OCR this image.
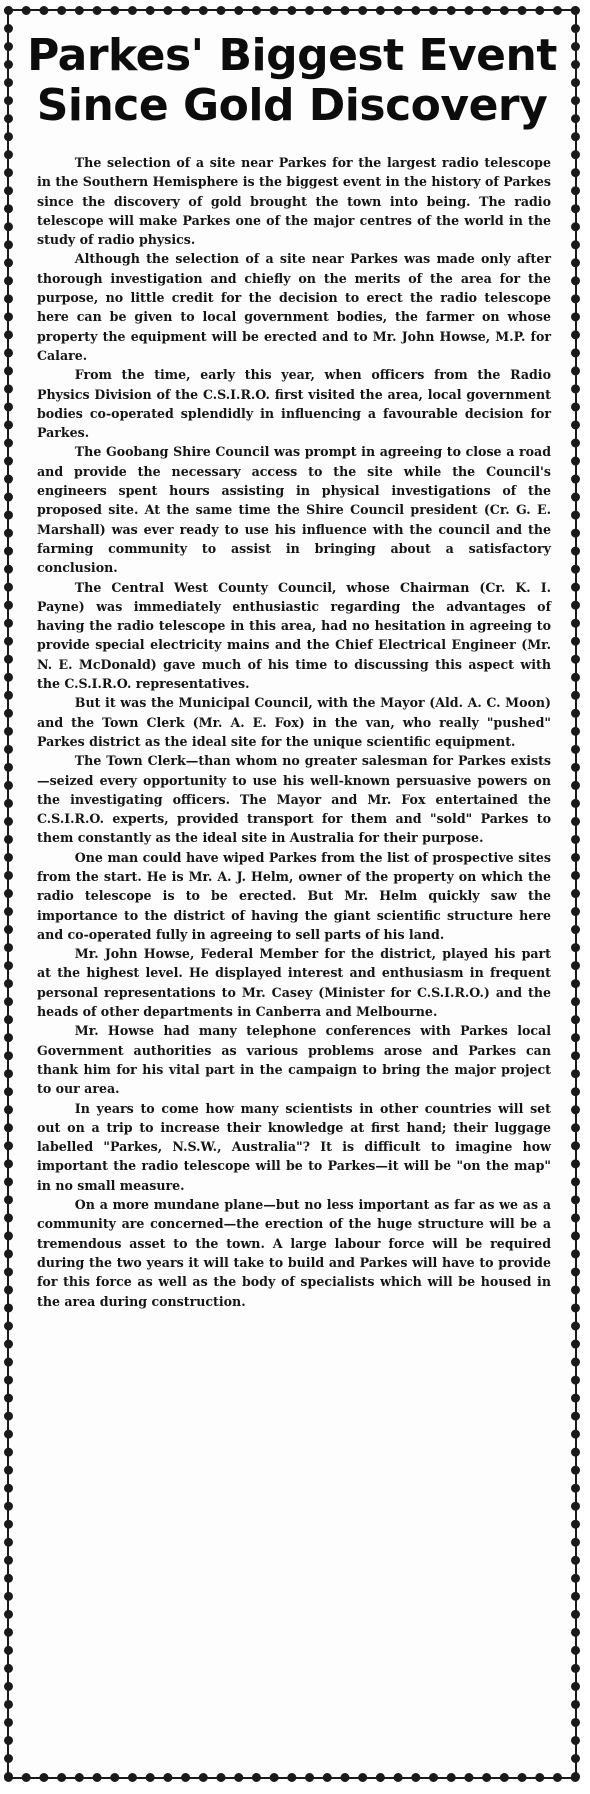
Parkes' Biggest Event
Since Gold Discovery

The selection of a site near Parkes for the largest radio telescope in the Southern Hemisphere is the biggest event in the history of Parkes since the discovery of gold brought the town into being. The radio telescope will make Parkes one of the major centres of the world in the study of radio physics.

Although the selection of a site near Parkes was made only after thorough investigation and chiefly on the merits of the area for the purpose, no little credit for the decision to erect the radio telescope here can be given to local government bodies, the farmer on whose property the equipment will be erected and to Mr. John Howse, M.P. for Calare.

From the time, early this year, when officers from the Radio Physics Division of the C.S.I.R.O. first visited the area, local government bodies co-operated splendidly in influencing a favourable decision for Parkes.

The Goobang Shire Council was prompt in agreeing to close a road and provide the necessary access to the site while the Council's engineers spent hours assisting in physical investigations of the proposed site. At the same time the Shire Council president (Cr. G. E. Marshall) was ever ready to use his influence with the council and the farming community to assist in bringing about a satisfactory conclusion.

The Central West County Council, whose Chairman (Cr. K. I. Payne) was immediately enthusiastic regarding the advantages of having the radio telescope in this area, had no hesitation in agreeing to provide special electricity mains and the Chief Electrical Engineer (Mr. N. E. McDonald) gave much of his time to discussing this aspect with the C.S.I.R.O. representatives.

But it was the Municipal Council, with the Mayor (Ald. A. C. Moon) and the Town Clerk (Mr. A. E. Fox) in the van, who really "pushed" Parkes district as the ideal site for the unique scientific equipment.

The Town Clerk—than whom no greater salesman for Parkes exists—seized every opportunity to use his well-known persuasive powers on the investigating officers. The Mayor and Mr. Fox entertained the C.S.I.R.O. experts, provided transport for them and "sold" Parkes to them constantly as the ideal site in Australia for their purpose.

One man could have wiped Parkes from the list of prospective sites from the start. He is Mr. A. J. Helm, owner of the property on which the radio telescope is to be erected. But Mr. Helm quickly saw the importance to the district of having the giant scientific structure here and co-operated fully in agreeing to sell parts of his land.

Mr. John Howse, Federal Member for the district, played his part at the highest level. He displayed interest and enthusiasm in frequent personal representations to Mr. Casey (Minister for C.S.I.R.O.) and the heads of other departments in Canberra and Melbourne.

Mr. Howse had many telephone conferences with Parkes local Government authorities as various problems arose and Parkes can thank him for his vital part in the campaign to bring the major project to our area.

In years to come how many scientists in other countries will set out on a trip to increase their knowledge at first hand; their luggage labelled "Parkes, N.S.W., Australia"? It is difficult to imagine how important the radio telescope will be to Parkes—it will be "on the map" in no small measure.

On a more mundane plane—but no less important as far as we as a community are concerned—the erection of the huge structure will be a tremendous asset to the town. A large labour force will be required during the two years it will take to build and Parkes will have to provide for this force as well as the body of specialists which will be housed in the area during construction.
